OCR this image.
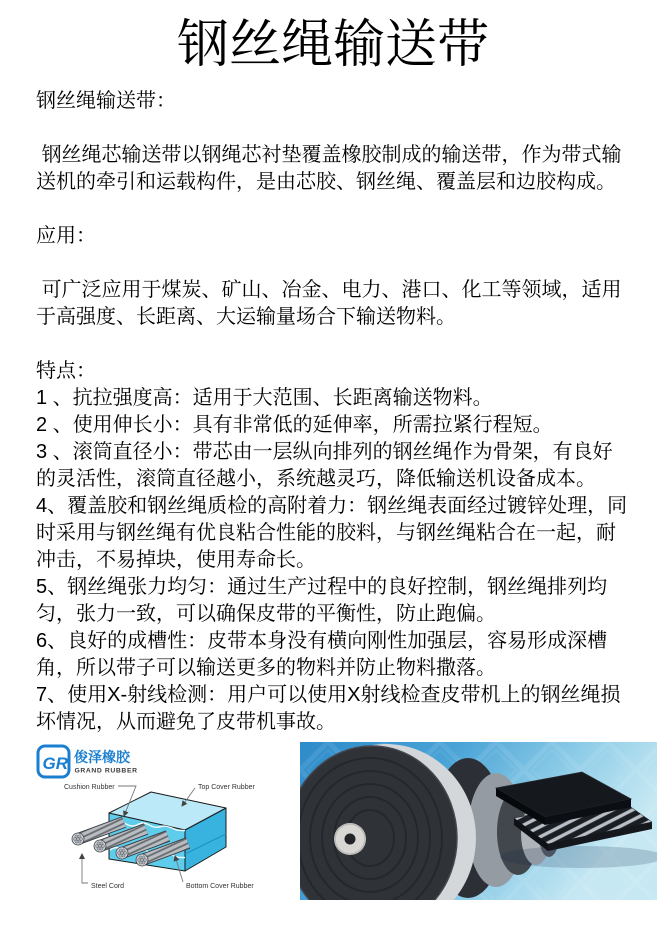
钢丝绳输送带

钢丝绳输送带：

钢丝绳芯输送带以钢绳芯衬垫覆盖橡胶制成的输送带，作为带式输送机的牵引和运载构件，是由芯胶、钢丝绳、覆盖层和边胶构成。

应用：

可广泛应用于煤炭、矿山、冶金、电力、港口、化工等领域，适用于高强度、长距离、大运输量场合下输送物料。

特点：

1 、抗拉强度高：适用于大范围、长距离输送物料。

2 、使用伸长小：具有非常低的延伸率，所需拉紧行程短。

3 、滚筒直径小：带芯由一层纵向排列的钢丝绳作为骨架，有良好的灵活性，滚筒直径越小，系统越灵巧，降低输送机设备成本。

4、覆盖胶和钢丝绳质检的高附着力：钢丝绳表面经过镀锌处理，同时采用与钢丝绳有优良粘合性能的胶料，与钢丝绳粘合在一起，耐冲击，不易掉块，使用寿命长。

5、钢丝绳张力均匀：通过生产过程中的良好控制，钢丝绳排列均匀，张力一致，可以确保皮带的平衡性，防止跑偏。

6、良好的成槽性：皮带本身没有横向刚性加强层，容易形成深槽角，所以带子可以输送更多的物料并防止物料撒落。

7、使用X-射线检测：用户可以使用X射线检查皮带机上的钢丝绳损坏情况，从而避免了皮带机事故。

GR 俊泽橡胶
GRAND RUBBER
Cushion Rubber	Top Cover Rubber
Steel Cord	Bottom Cover Rubber
